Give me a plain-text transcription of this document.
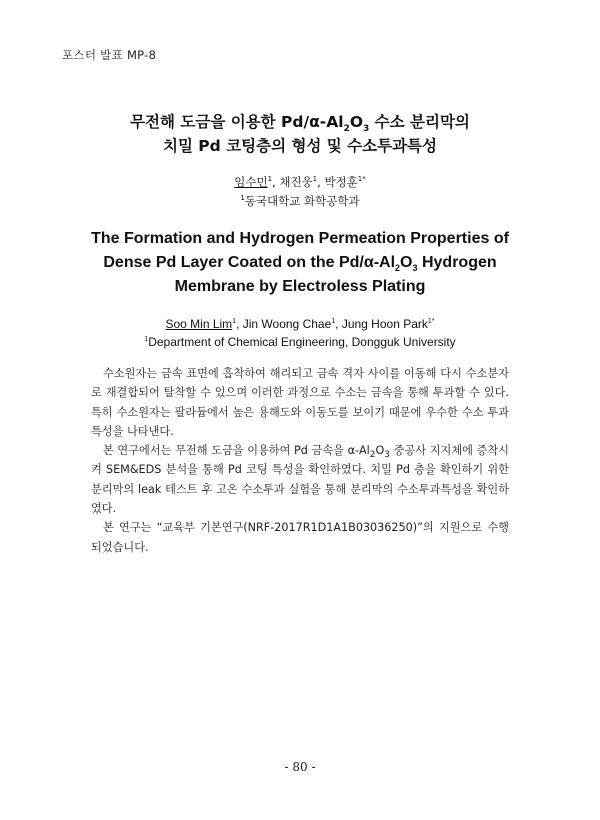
포스터 발표 MP-8
무전해 도금을 이용한 $Pd/\alpha-Al_2O_3$ 수소 분리막의
치밀 Pd 코팅층의 형성 및 수소투과특성
임수민$^1$, 채진웅$^1$, 박정훈$^{1*}$
$^1$동국대학교 화학공학과
The Formation and Hydrogen Permeation Properties of
Dense Pd Layer Coated on the $Pd/\alpha-Al_2O_3$ Hydrogen
Membrane by Electroless Plating
Soo Min Lim$^1$, Jin Woong Chae$^1$, Jung Hoon Park$^{1*}$
$^1$Department of Chemical Engineering, Dongguk University

수소원자는 금속 표면에 흡착하여 해리되고 금속 격자 사이를 이동해 다시 수소분자로 재결합되어 탈착할 수 있으며 이러한 과정으로 수소는 금속을 통해 투과할 수 있다. 특히 수소원자는 팔라듐에서 높은 용해도와 이동도를 보이기 때문에 우수한 수소 투과 특성을 나타낸다.

본 연구에서는 무전해 도금을 이용하여 Pd 금속을 $\alpha-Al_2O_3$ 중공사 지지체에 증착시켜 SEM&EDS 분석을 통해 Pd 코팅 특성을 확인하였다. 치밀 Pd 층을 확인하기 위한 분리막의 leak 테스트 후 고온 수소투과 실험을 통해 분리막의 수소투과특성을 확인하였다.

본 연구는 “교육부 기본연구(NRF-2017R1D1A1B03036250)”의 지원으로 수행되었습니다.

- 80 -
